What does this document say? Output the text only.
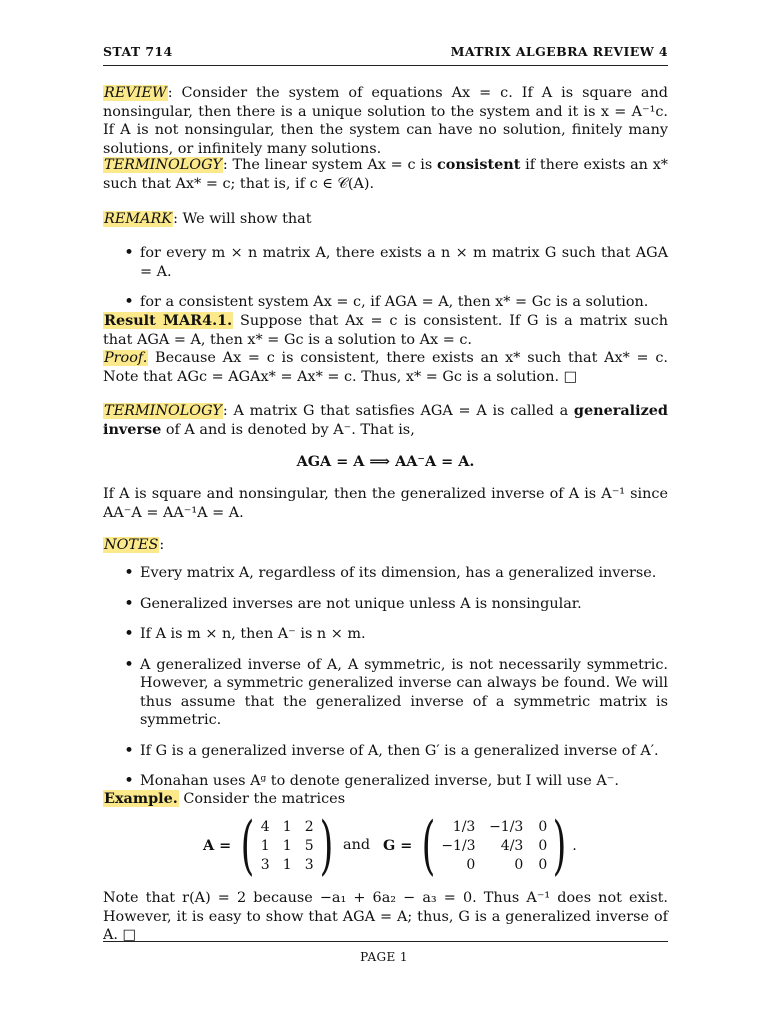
STAT 714	MATRIX ALGEBRA REVIEW 4

REVIEW: Consider the system of equations Ax = c. If A is square and nonsingular, then there is a unique solution to the system and it is x = A⁻¹c. If A is not nonsingular, then the system can have no solution, finitely many solutions, or infinitely many solutions.

TERMINOLOGY: The linear system Ax = c is consistent if there exists an x* such that Ax* = c; that is, if c ∈ 𝒞(A).

REMARK: We will show that

• for every m × n matrix A, there exists a n × m matrix G such that AGA = A.
• for a consistent system Ax = c, if AGA = A, then x* = Gc is a solution.

Result MAR4.1. Suppose that Ax = c is consistent. If G is a matrix such that AGA = A, then x* = Gc is a solution to Ax = c.

Proof. Because Ax = c is consistent, there exists an x* such that Ax* = c. Note that AGc = AGAx* = Ax* = c. Thus, x* = Gc is a solution. □

TERMINOLOGY: A matrix G that satisfies AGA = A is called a generalized inverse of A and is denoted by A⁻. That is,

AGA = A ⟹ AA⁻A = A.

If A is square and nonsingular, then the generalized inverse of A is A⁻¹ since AA⁻A = AA⁻¹A = A.

NOTES:

• Every matrix A, regardless of its dimension, has a generalized inverse.
• Generalized inverses are not unique unless A is nonsingular.
• If A is m × n, then A⁻ is n × m.
• A generalized inverse of A, A symmetric, is not necessarily symmetric. However, a symmetric generalized inverse can always be found. We will thus assume that the generalized inverse of a symmetric matrix is symmetric.
• If G is a generalized inverse of A, then G′ is a generalized inverse of A′.
• Monahan uses Aᵍ to denote generalized inverse, but I will use A⁻.

Example. Consider the matrices

A = ( 4 1 2
1 1 5
3 1 3 ) and G = (	1/3 −1/3 0
−1/3	4/3 0
0	0 0 ) .

Note that r(A) = 2 because −a₁ + 6a₂ − a₃ = 0. Thus A⁻¹ does not exist. However, it is easy to show that AGA = A; thus, G is a generalized inverse of A. □

PAGE 1
